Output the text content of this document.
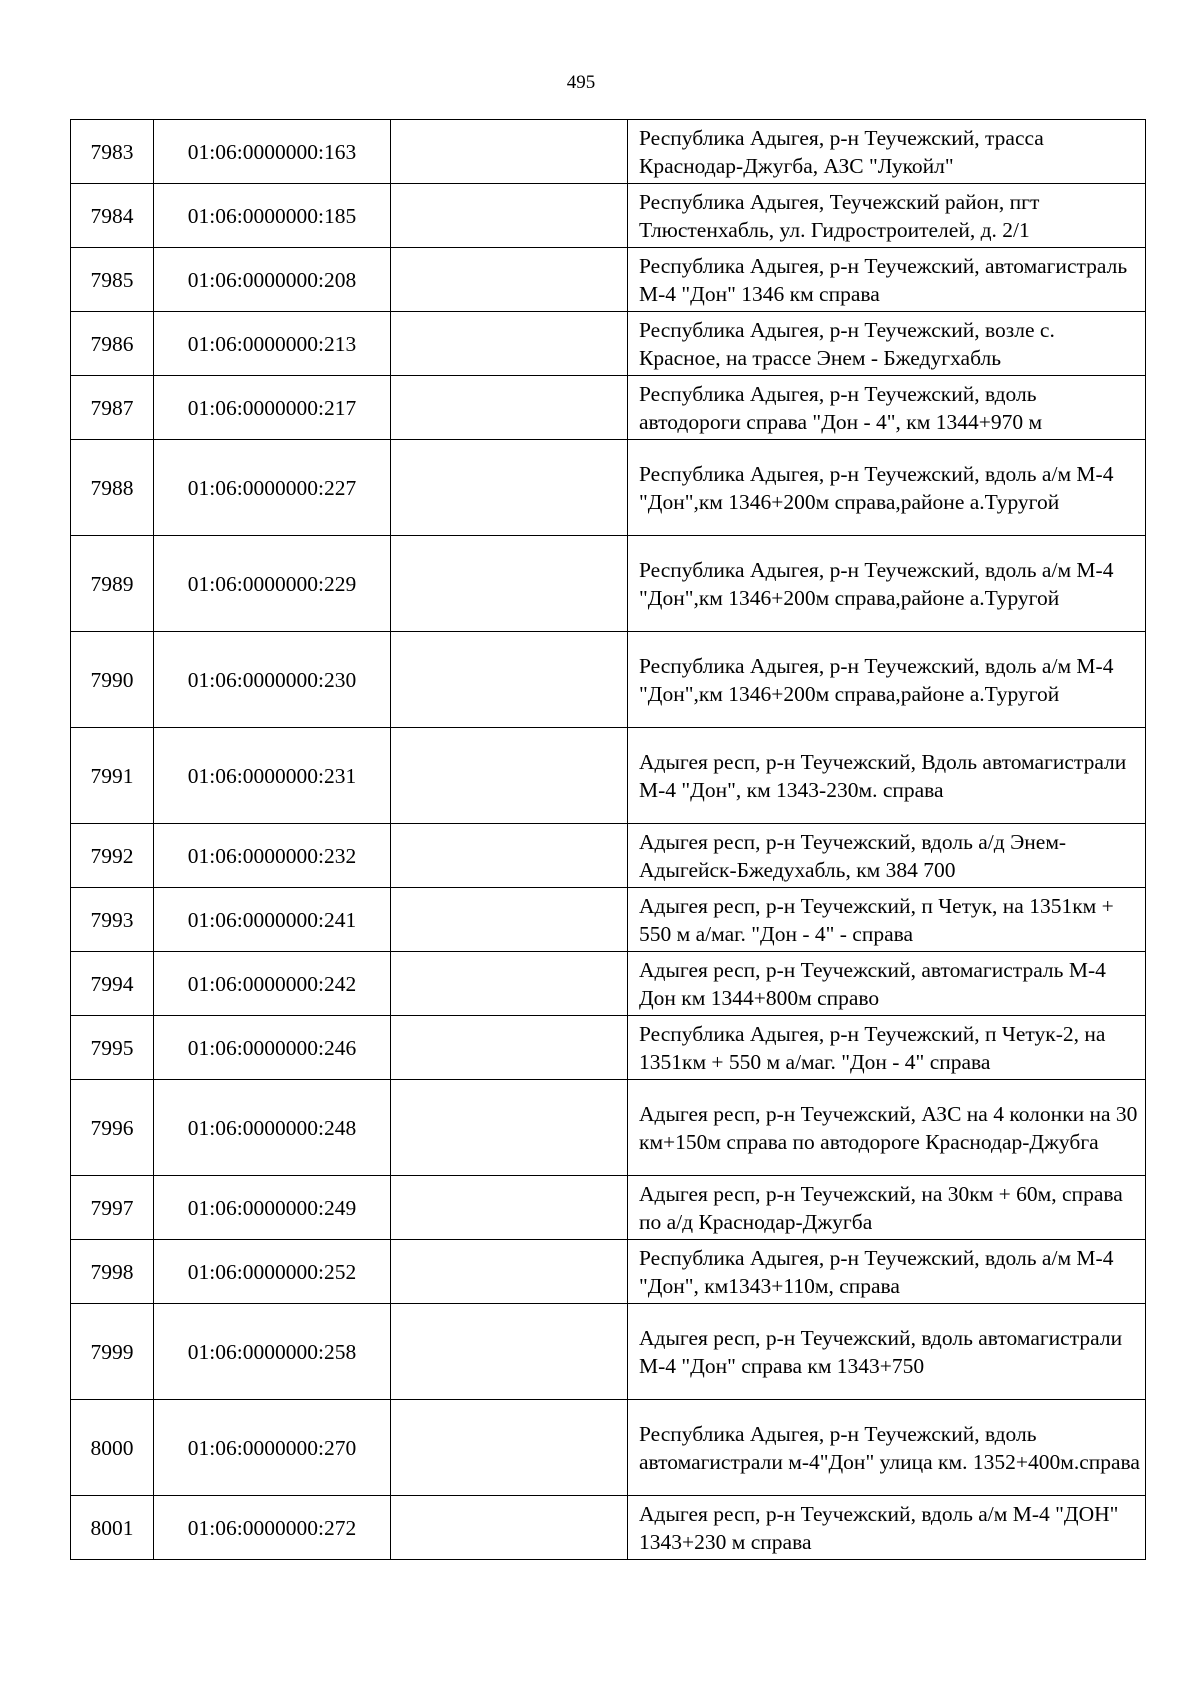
495
7983	01:06:0000000:163		Республика Адыгея, р-н Теучежский, трасса Краснодар-Джугба, АЗС "Лукойл"
7984	01:06:0000000:185		Республика Адыгея, Теучежский район, пгт Тлюстенхабль, ул. Гидростроителей, д. 2/1
7985	01:06:0000000:208		Республика Адыгея, р-н Теучежский, автомагистраль М-4 "Дон" 1346 км справа
7986	01:06:0000000:213		Республика Адыгея, р-н Теучежский, возле с. Красное, на трассе Энем - Бжедугхабль
7987	01:06:0000000:217		Республика Адыгея, р-н Теучежский, вдоль автодороги справа "Дон - 4", км 1344+970 м
7988	01:06:0000000:227		Республика Адыгея, р-н Теучежский, вдоль а/м М-4 "Дон",км 1346+200м справа,районе а.Туругой
7989	01:06:0000000:229		Республика Адыгея, р-н Теучежский, вдоль а/м М-4 "Дон",км 1346+200м справа,районе а.Туругой
7990	01:06:0000000:230		Республика Адыгея, р-н Теучежский, вдоль а/м М-4 "Дон",км 1346+200м справа,районе а.Туругой
7991	01:06:0000000:231		Адыгея респ, р-н Теучежский, Вдоль автомагистрали М-4 "Дон", км 1343-230м. справа
7992	01:06:0000000:232		Адыгея респ, р-н Теучежский, вдоль а/д Энем-Адыгейск-Бжедухабль, км 384 700
7993	01:06:0000000:241		Адыгея респ, р-н Теучежский, п Четук, на 1351км + 550 м а/маг. "Дон - 4" - справа
7994	01:06:0000000:242		Адыгея респ, р-н Теучежский, автомагистраль М-4 Дон км 1344+800м справо
7995	01:06:0000000:246		Республика Адыгея, р-н Теучежский, п Четук-2, на 1351км + 550 м а/маг. "Дон - 4" справа
7996	01:06:0000000:248		Адыгея респ, р-н Теучежский, АЗС на 4 колонки на 30 км+150м справа по автодороге Краснодар-Джубга
7997	01:06:0000000:249		Адыгея респ, р-н Теучежский, на 30км + 60м, справа по а/д Краснодар-Джугба
7998	01:06:0000000:252		Республика Адыгея, р-н Теучежский, вдоль а/м М-4 "Дон", км1343+110м, справа
7999	01:06:0000000:258		Адыгея респ, р-н Теучежский, вдоль автомагистрали М-4 "Дон" справа км 1343+750
8000	01:06:0000000:270		Республика Адыгея, р-н Теучежский, вдоль автомагистрали м-4"Дон" улица км. 1352+400м.справа
8001	01:06:0000000:272		Адыгея респ, р-н Теучежский, вдоль а/м М-4 "ДОН" 1343+230 м справа
